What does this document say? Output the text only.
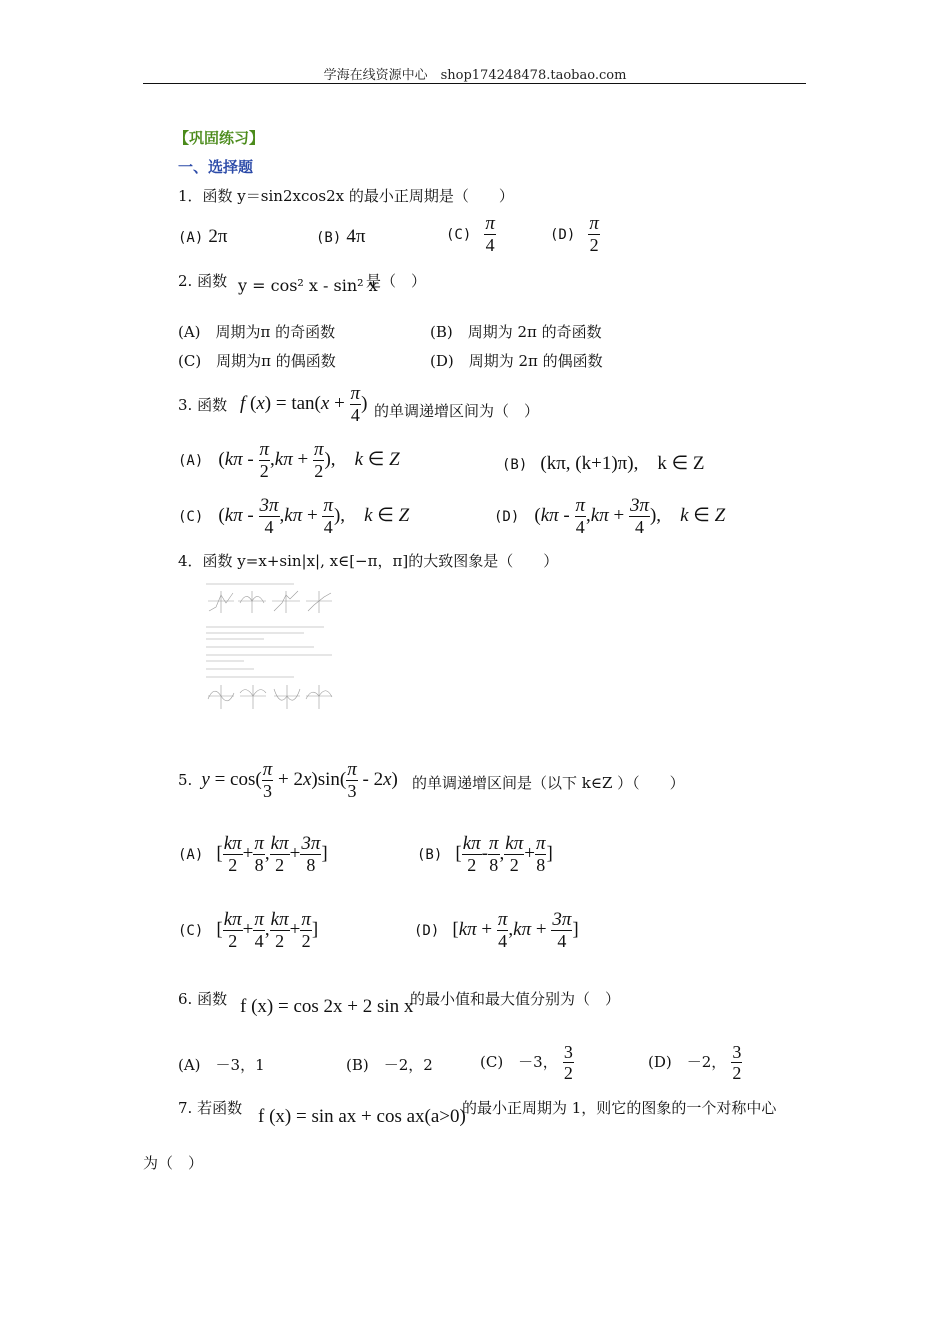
学海在线资源中心　shop174248478.taobao.com
【巩固练习】
一、选择题
1．函数 y＝sin2xcos2x 的最小正周期是（　　）
(A) 2π	(B) 4π	$(C) \frac{\pi}{4}$	$(D) \frac{\pi}{2}$
2. 函数 y = cos² x - sin² x
是（　）
(A)　周期为π 的奇函数	(B)　周期为 2π 的奇函数
(C)　周期为π 的偶函数	(D)　周期为 2π 的偶函数
3. 函数 f $(x) = \tan(x + \frac{\pi}{4}$ ) 的单调递增区间为（　）
(A) ($k\pi - \frac{\pi}{2} ,k\pi + \frac{\pi}{2}$ ),　k ∈ Z	(B) (kπ, (k+1)π),　k ∈ Z
(C) ($k\pi - \frac{3\pi}{4} ,k\pi + \frac{\pi}{4}$ ),　k ∈ Z	(D) ($k\pi - \frac{\pi}{4} ,k\pi + \frac{3\pi}{4}$ ),　k ∈ Z
4．函数 y=x+sin|x|, x∈[−π，π]的大致图象是（　　）
5. $y = \cos( \frac{\pi}{3} + 2x)\sin( \frac{\pi}{3} - 2x)$ 的单调递增区间是（以下 k∈Z ）（　　）
(A) [ $\frac{k\pi}{2} + \frac{\pi}{8}$ , $\frac{k\pi}{2} + \frac{3\pi}{8}$ ]	(B) [ $\frac{k\pi}{2} - \frac{\pi}{8}$ , $\frac{k\pi}{2} + \frac{\pi}{8}$ ]
(C) [ $\frac{k\pi}{2} + \frac{\pi}{4}$ , $\frac{k\pi}{2} + \frac{\pi}{2}$ ]	(D) [$k\pi + \frac{\pi}{4} ,k\pi + \frac{3\pi}{4}$ ]
6. 函数 f (x) = cos 2x + 2 sin x
的最小值和最大值分别为（　）
(A)　－3，1	(B)　－2，2	(C)　－3， $\frac{3}{2}$	(D)　－2， $\frac{3}{2}$
7. 若函数 f (x) = sin ax + cos ax(a>0)
的最小正周期为 1，则它的图象的一个对称中心
为（　）
